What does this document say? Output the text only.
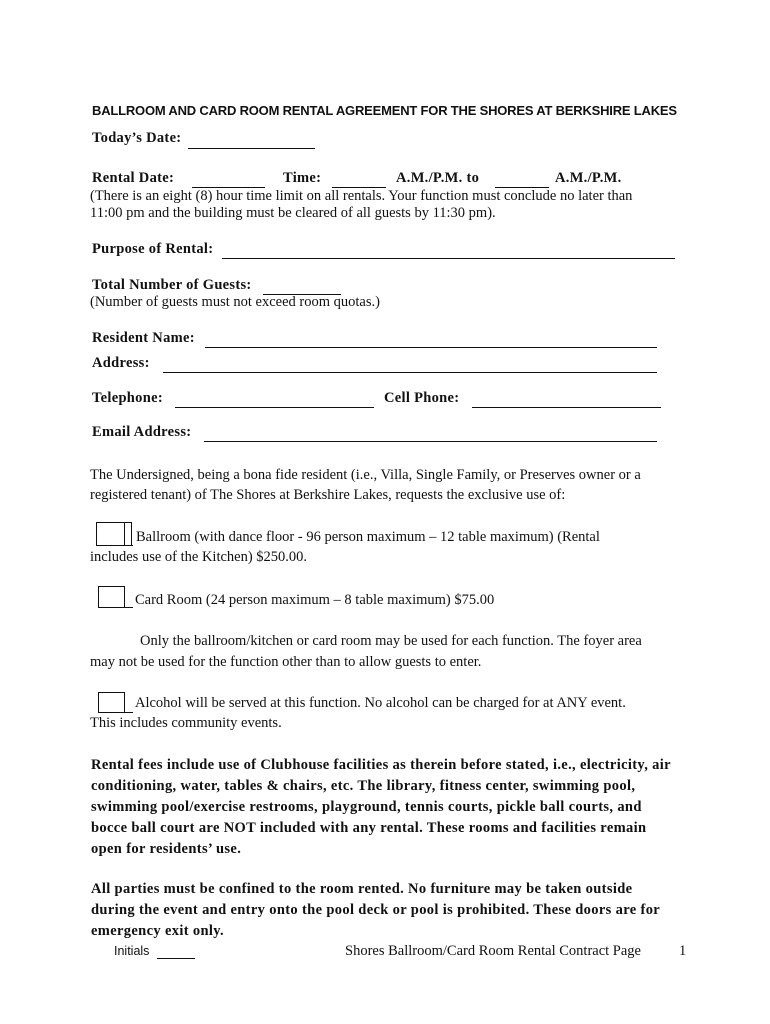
BALLROOM AND CARD ROOM RENTAL AGREEMENT FOR THE SHORES AT BERKSHIRE LAKES
Today’s Date:
Rental Date:	Time:	A.M./P.M. to	A.M./P.M.
(There is an eight (8) hour time limit on all rentals. Your function must conclude no later than
11:00 pm and the building must be cleared of all guests by 11:30 pm).
Purpose of Rental:
Total Number of Guests:
(Number of guests must not exceed room quotas.)
Resident Name:
Address:
Telephone:	Cell Phone:
Email Address:
The Undersigned, being a bona fide resident (i.e., Villa, Single Family, or Preserves owner or a
registered tenant) of The Shores at Berkshire Lakes, requests the exclusive use of:
Ballroom (with dance floor - 96 person maximum – 12 table maximum) (Rental
includes use of the Kitchen) $250.00.
Card Room (24 person maximum – 8 table maximum) $75.00
Only the ballroom/kitchen or card room may be used for each function. The foyer area
may not be used for the function other than to allow guests to enter.
Alcohol will be served at this function. No alcohol can be charged for at ANY event.
This includes community events.
Rental fees include use of Clubhouse facilities as therein before stated, i.e., electricity, air
conditioning, water, tables & chairs, etc. The library, fitness center, swimming pool,
swimming pool/exercise restrooms, playground, tennis courts, pickle ball courts, and
bocce ball court are NOT included with any rental. These rooms and facilities remain
open for residents’ use.
All parties must be confined to the room rented. No furniture may be taken outside
during the event and entry onto the pool deck or pool is prohibited. These doors are for
emergency exit only.
Initials	Shores Ballroom/Card Room Rental Contract Page	1
